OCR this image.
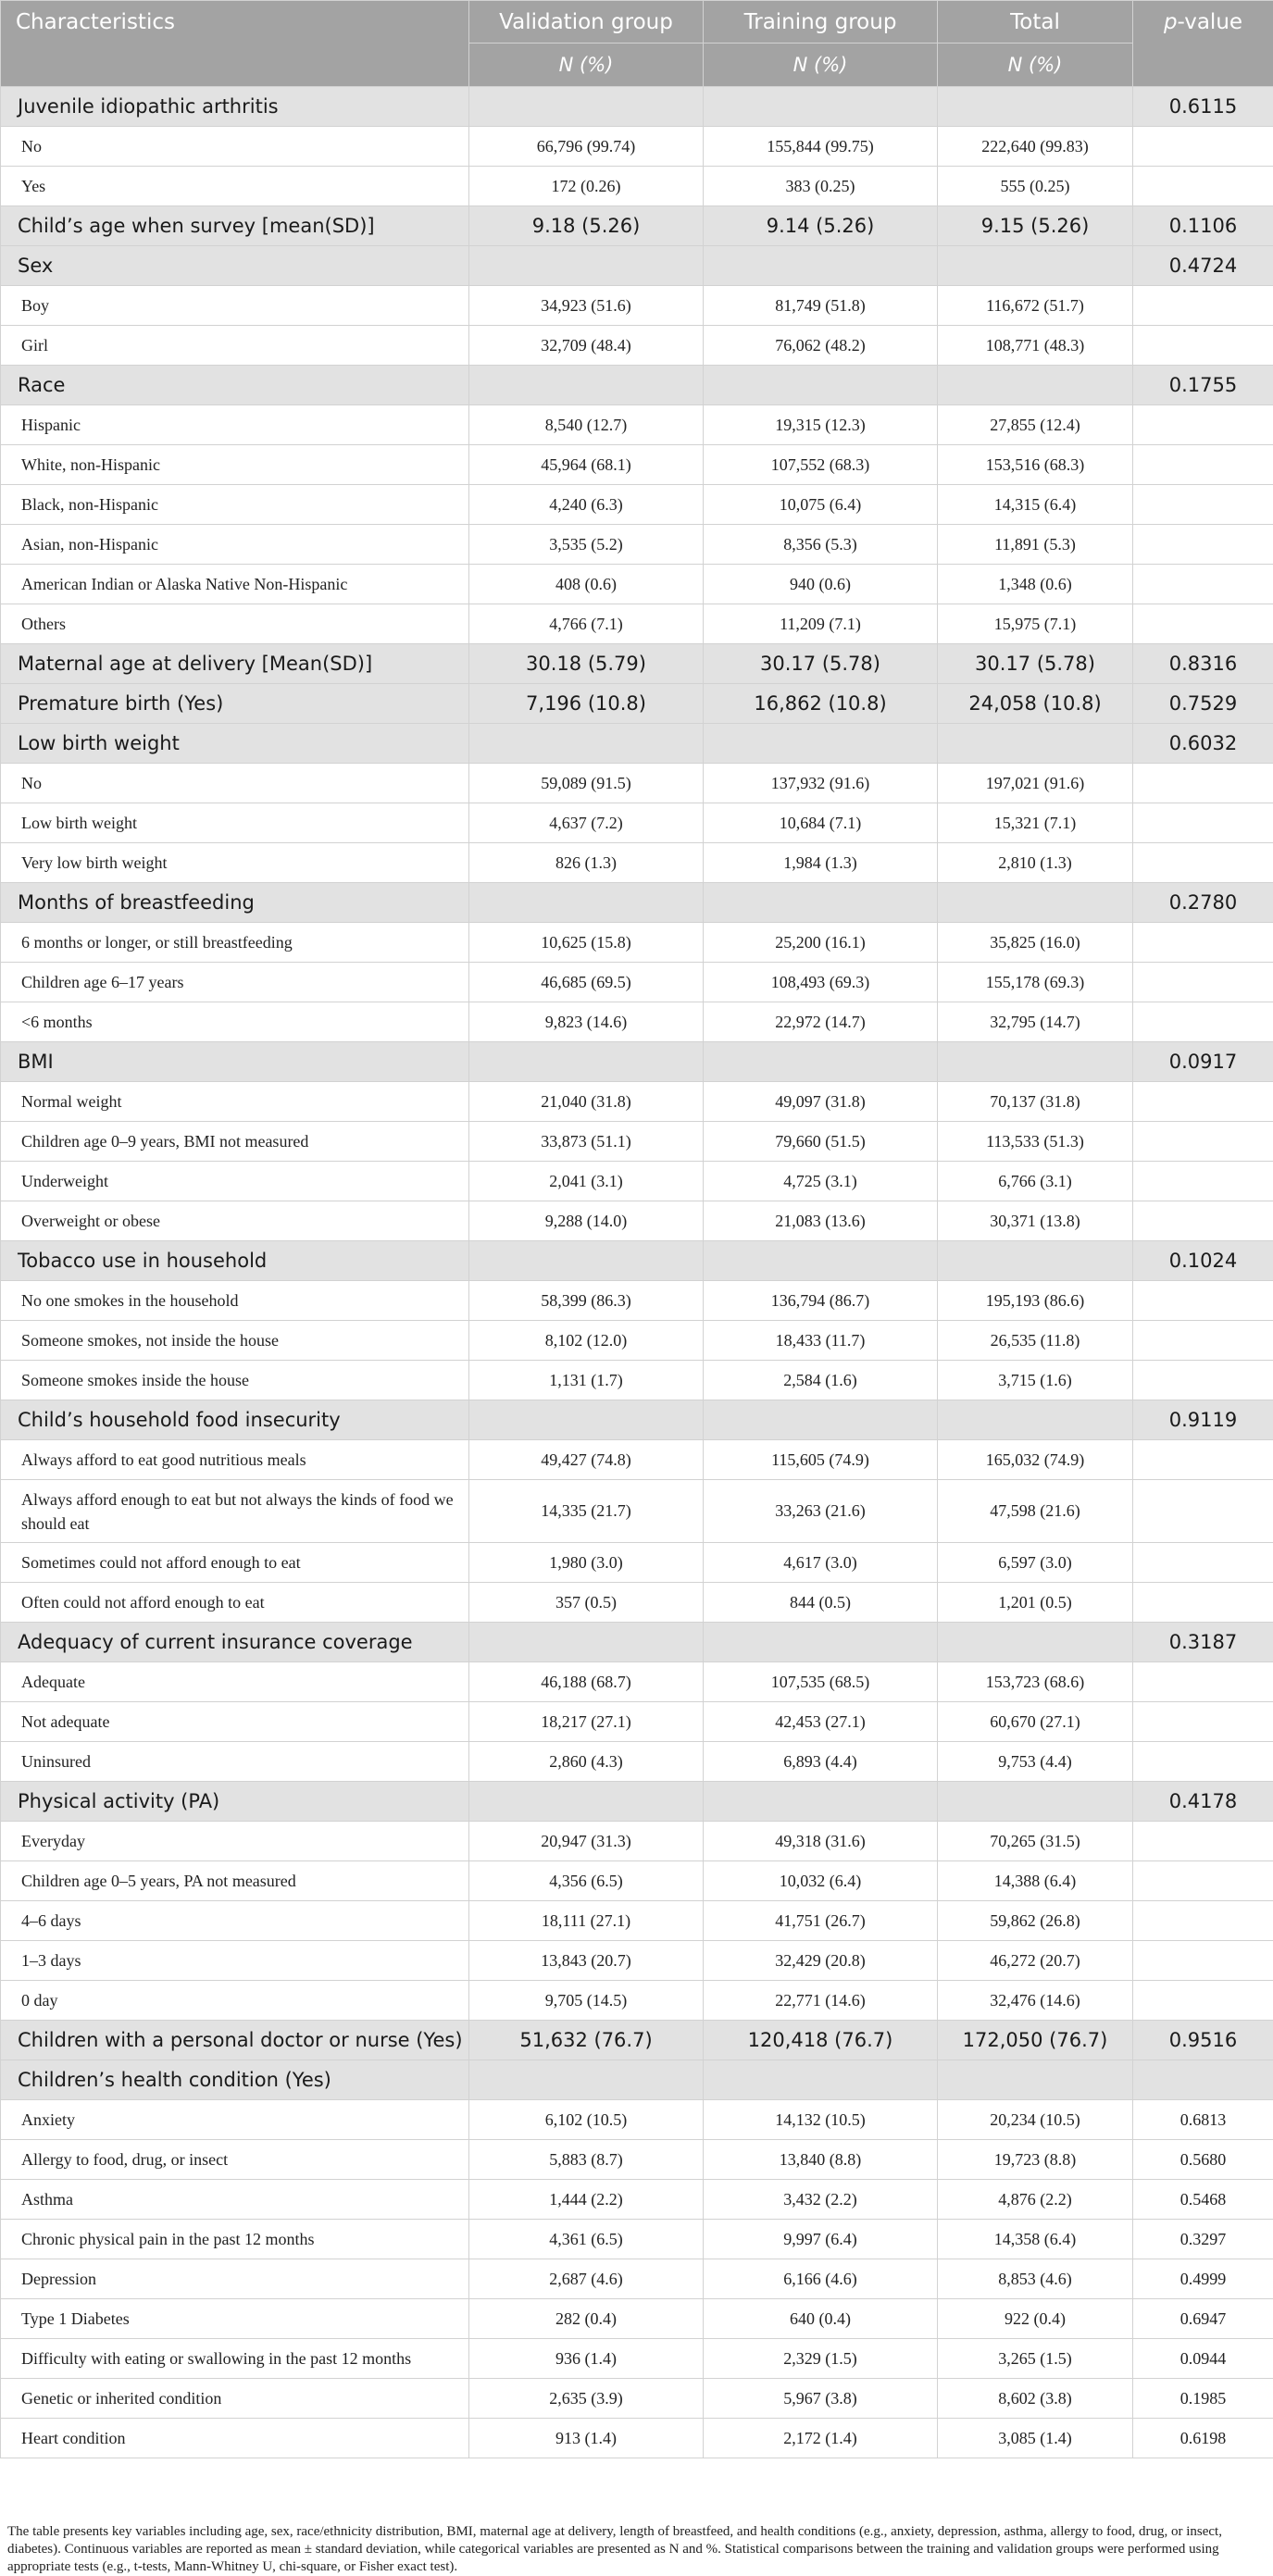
Characteristics	Validation group	Training group	Total	p-value
	N (%)	N (%)	N (%)	
Juvenile idiopathic arthritis				0.6115
No	66,796 (99.74)	155,844 (99.75)	222,640 (99.83)	
Yes	172 (0.26)	383 (0.25)	555 (0.25)	
Child’s age when survey [mean(SD)]	9.18 (5.26)	9.14 (5.26)	9.15 (5.26)	0.1106
Sex				0.4724
Boy	34,923 (51.6)	81,749 (51.8)	116,672 (51.7)	
Girl	32,709 (48.4)	76,062 (48.2)	108,771 (48.3)	
Race				0.1755
Hispanic	8,540 (12.7)	19,315 (12.3)	27,855 (12.4)	
White, non-Hispanic	45,964 (68.1)	107,552 (68.3)	153,516 (68.3)	
Black, non-Hispanic	4,240 (6.3)	10,075 (6.4)	14,315 (6.4)	
Asian, non-Hispanic	3,535 (5.2)	8,356 (5.3)	11,891 (5.3)	
American Indian or Alaska Native Non-Hispanic	408 (0.6)	940 (0.6)	1,348 (0.6)	
Others	4,766 (7.1)	11,209 (7.1)	15,975 (7.1)	
Maternal age at delivery [Mean(SD)]	30.18 (5.79)	30.17 (5.78)	30.17 (5.78)	0.8316
Premature birth (Yes)	7,196 (10.8)	16,862 (10.8)	24,058 (10.8)	0.7529
Low birth weight				0.6032
No	59,089 (91.5)	137,932 (91.6)	197,021 (91.6)	
Low birth weight	4,637 (7.2)	10,684 (7.1)	15,321 (7.1)	
Very low birth weight	826 (1.3)	1,984 (1.3)	2,810 (1.3)	
Months of breastfeeding				0.2780
6 months or longer, or still breastfeeding	10,625 (15.8)	25,200 (16.1)	35,825 (16.0)	
Children age 6–17 years	46,685 (69.5)	108,493 (69.3)	155,178 (69.3)	
<6 months	9,823 (14.6)	22,972 (14.7)	32,795 (14.7)	
BMI				0.0917
Normal weight	21,040 (31.8)	49,097 (31.8)	70,137 (31.8)	
Children age 0–9 years, BMI not measured	33,873 (51.1)	79,660 (51.5)	113,533 (51.3)	
Underweight	2,041 (3.1)	4,725 (3.1)	6,766 (3.1)	
Overweight or obese	9,288 (14.0)	21,083 (13.6)	30,371 (13.8)	
Tobacco use in household				0.1024
No one smokes in the household	58,399 (86.3)	136,794 (86.7)	195,193 (86.6)	
Someone smokes, not inside the house	8,102 (12.0)	18,433 (11.7)	26,535 (11.8)	
Someone smokes inside the house	1,131 (1.7)	2,584 (1.6)	3,715 (1.6)	
Child’s household food insecurity				0.9119
Always afford to eat good nutritious meals	49,427 (74.8)	115,605 (74.9)	165,032 (74.9)	
Always afford enough to eat but not always the kinds of food we should eat	14,335 (21.7)	33,263 (21.6)	47,598 (21.6)	
Sometimes could not afford enough to eat	1,980 (3.0)	4,617 (3.0)	6,597 (3.0)	
Often could not afford enough to eat	357 (0.5)	844 (0.5)	1,201 (0.5)	
Adequacy of current insurance coverage				0.3187
Adequate	46,188 (68.7)	107,535 (68.5)	153,723 (68.6)	
Not adequate	18,217 (27.1)	42,453 (27.1)	60,670 (27.1)	
Uninsured	2,860 (4.3)	6,893 (4.4)	9,753 (4.4)	
Physical activity (PA)				0.4178
Everyday	20,947 (31.3)	49,318 (31.6)	70,265 (31.5)	
Children age 0–5 years, PA not measured	4,356 (6.5)	10,032 (6.4)	14,388 (6.4)	
4–6 days	18,111 (27.1)	41,751 (26.7)	59,862 (26.8)	
1–3 days	13,843 (20.7)	32,429 (20.8)	46,272 (20.7)	
0 day	9,705 (14.5)	22,771 (14.6)	32,476 (14.6)	
Children with a personal doctor or nurse (Yes)	51,632 (76.7)	120,418 (76.7)	172,050 (76.7)	0.9516
Children’s health condition (Yes)				
Anxiety	6,102 (10.5)	14,132 (10.5)	20,234 (10.5)	0.6813
Allergy to food, drug, or insect	5,883 (8.7)	13,840 (8.8)	19,723 (8.8)	0.5680
Asthma	1,444 (2.2)	3,432 (2.2)	4,876 (2.2)	0.5468
Chronic physical pain in the past 12 months	4,361 (6.5)	9,997 (6.4)	14,358 (6.4)	0.3297
Depression	2,687 (4.6)	6,166 (4.6)	8,853 (4.6)	0.4999
Type 1 Diabetes	282 (0.4)	640 (0.4)	922 (0.4)	0.6947
Difficulty with eating or swallowing in the past 12 months	936 (1.4)	2,329 (1.5)	3,265 (1.5)	0.0944
Genetic or inherited condition	2,635 (3.9)	5,967 (3.8)	8,602 (3.8)	0.1985
Heart condition	913 (1.4)	2,172 (1.4)	3,085 (1.4)	0.6198
The table presents key variables including age, sex, race/ethnicity distribution, BMI, maternal age at delivery, length of breastfeed, and health conditions (e.g., anxiety, depression, asthma, allergy to food, drug, or insect, diabetes). Continuous variables are reported as mean ± standard deviation, while categorical variables are presented as N and %. Statistical comparisons between the training and validation groups were performed using appropriate tests (e.g., t-tests, Mann-Whitney U, chi-square, or Fisher exact test).
